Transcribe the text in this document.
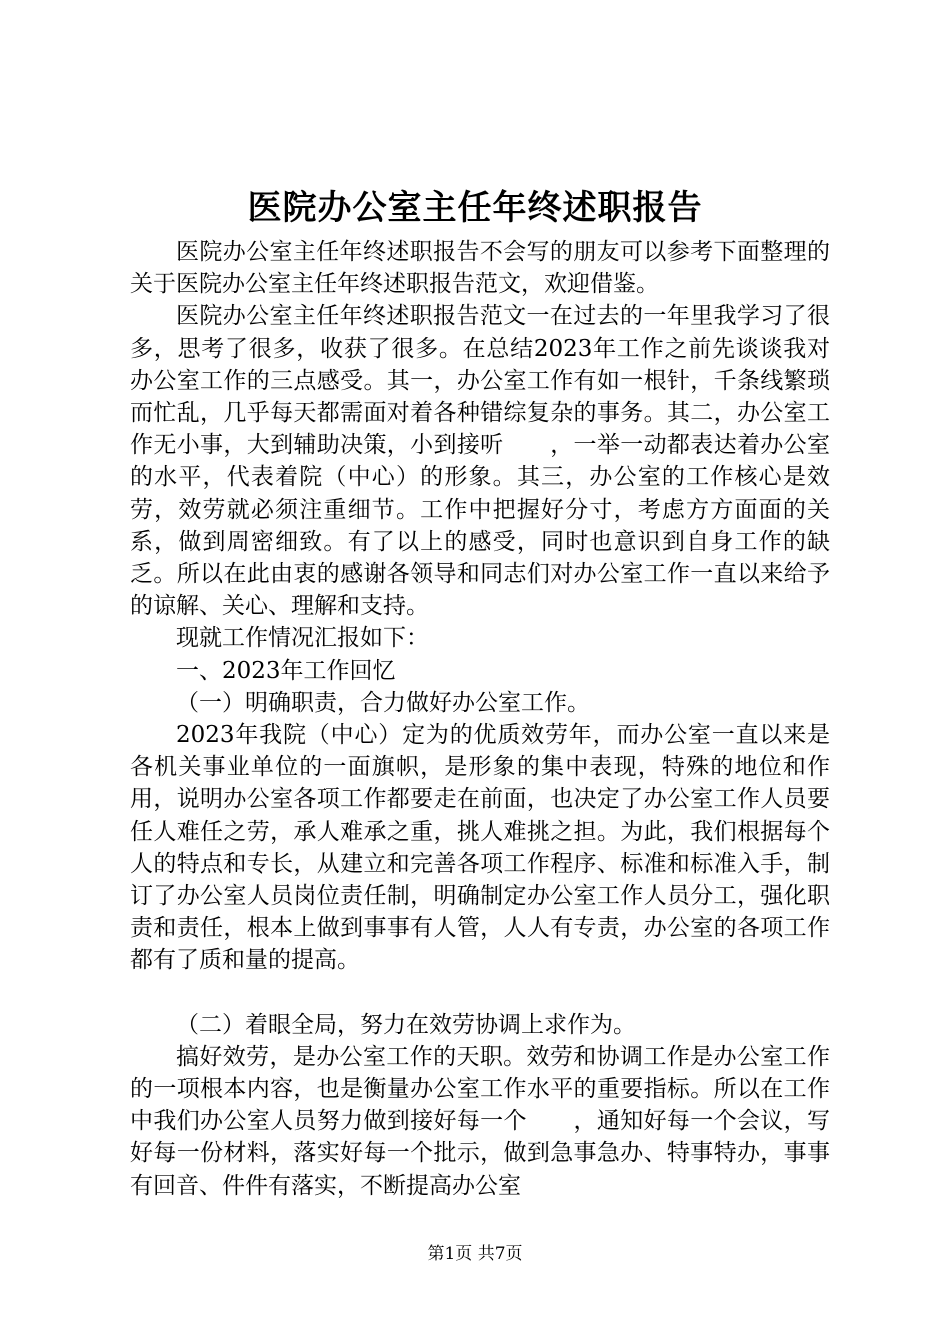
医院办公室主任年终述职报告

医院办公室主任年终述职报告不会写的朋友可以参考下面整理的关于医院办公室主任年终述职报告范文，欢迎借鉴。

医院办公室主任年终述职报告范文一在过去的一年里我学习了很多，思考了很多，收获了很多。在总结2023年工作之前先谈谈我对办公室工作的三点感受。其一，办公室工作有如一根针，千条线繁琐而忙乱，几乎每天都需面对着各种错综复杂的事务。其二，办公室工作无小事，大到辅助决策，小到接听　　，一举一动都表达着办公室的水平，代表着院（中心）的形象。其三，办公室的工作核心是效劳，效劳就必须注重细节。工作中把握好分寸，考虑方方面面的关系，做到周密细致。有了以上的感受，同时也意识到自身工作的缺乏。所以在此由衷的感谢各领导和同志们对办公室工作一直以来给予的谅解、关心、理解和支持。

现就工作情况汇报如下：

一、2023年工作回忆

（一）明确职责，合力做好办公室工作。

2023年我院（中心）定为的优质效劳年，而办公室一直以来是各机关事业单位的一面旗帜，是形象的集中表现，特殊的地位和作用，说明办公室各项工作都要走在前面，也决定了办公室工作人员要任人难任之劳，承人难承之重，挑人难挑之担。为此，我们根据每个人的特点和专长，从建立和完善各项工作程序、标准和标准入手，制订了办公室人员岗位责任制，明确制定办公室工作人员分工，强化职责和责任，根本上做到事事有人管，人人有专责，办公室的各项工作都有了质和量的提高。

（二）着眼全局，努力在效劳协调上求作为。

搞好效劳，是办公室工作的天职。效劳和协调工作是办公室工作的一项根本内容，也是衡量办公室工作水平的重要指标。所以在工作中我们办公室人员努力做到接好每一个　　，通知好每一个会议，写好每一份材料，落实好每一个批示，做到急事急办、特事特办，事事有回音、件件有落实，不断提高办公室

第1页 共7页
